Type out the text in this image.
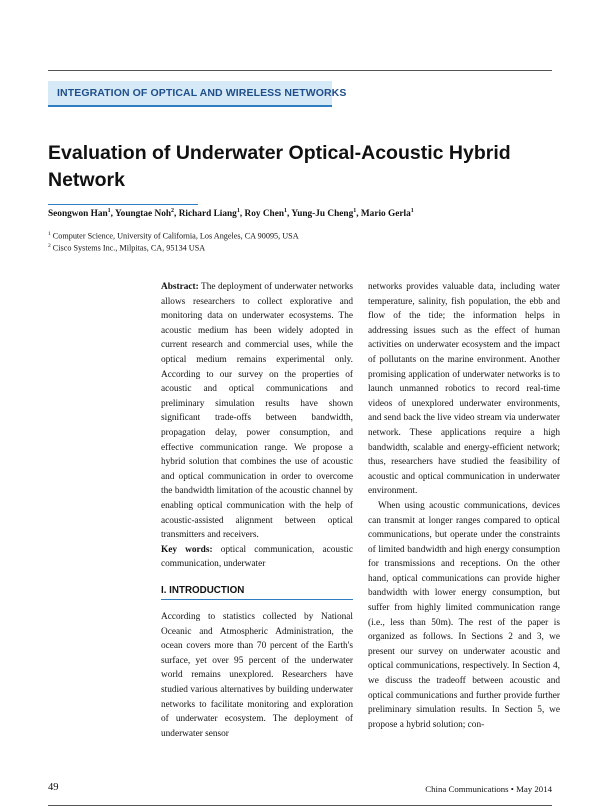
INTEGRATION OF OPTICAL AND WIRELESS NETWORKS
Evaluation of Underwater Optical-Acoustic Hybrid Network
Seongwon Han$^1$, Youngtae Noh$^2$, Richard Liang$^1$, Roy Chen$^1$, Yung-Ju Cheng$^1$, Mario Gerla$^1$
$^1$ Computer Science, University of California, Los Angeles, CA 90095, USA
$^2$ Cisco Systems Inc., Milpitas, CA, 95134 USA

Abstract: The deployment of underwater networks allows researchers to collect explorative and monitoring data on underwater ecosystems. The acoustic medium has been widely adopted in current research and commercial uses, while the optical medium remains experimental only. According to our survey on the properties of acoustic and optical communications and preliminary simulation results have shown significant trade-offs between bandwidth, propagation delay, power consumption, and effective communication range. We propose a hybrid solution that combines the use of acoustic and optical communication in order to overcome the bandwidth limitation of the acoustic channel by enabling optical communication with the help of acoustic-assisted alignment between optical transmitters and receivers.

Key words: optical communication, acoustic communication, underwater

I. INTRODUCTION

According to statistics collected by National Oceanic and Atmospheric Administration, the ocean covers more than 70 percent of the Earth's surface, yet over 95 percent of the underwater world remains unexplored. Researchers have studied various alternatives by building underwater networks to facilitate monitoring and exploration of underwater ecosystem. The deployment of underwater sensor

networks provides valuable data, including water temperature, salinity, fish population, the ebb and flow of the tide; the information helps in addressing issues such as the effect of human activities on underwater ecosystem and the impact of pollutants on the marine environment. Another promising application of underwater networks is to launch unmanned robotics to record real-time videos of unexplored underwater environments, and send back the live video stream via underwater network. These applications require a high bandwidth, scalable and energy-efficient network; thus, researchers have studied the feasibility of acoustic and optical communication in underwater environment.

When using acoustic communications, devices can transmit at longer ranges compared to optical communications, but operate under the constraints of limited bandwidth and high energy consumption for transmissions and receptions. On the other hand, optical communications can provide higher bandwidth with lower energy consumption, but suffer from highly limited communication range (i.e., less than 50m). The rest of the paper is organized as follows. In Sections 2 and 3, we present our survey on underwater acoustic and optical communications, respectively. In Section 4, we discuss the tradeoff between acoustic and optical communications and further provide further preliminary simulation results. In Section 5, we propose a hybrid solution; con-

49	China Communications • May 2014
